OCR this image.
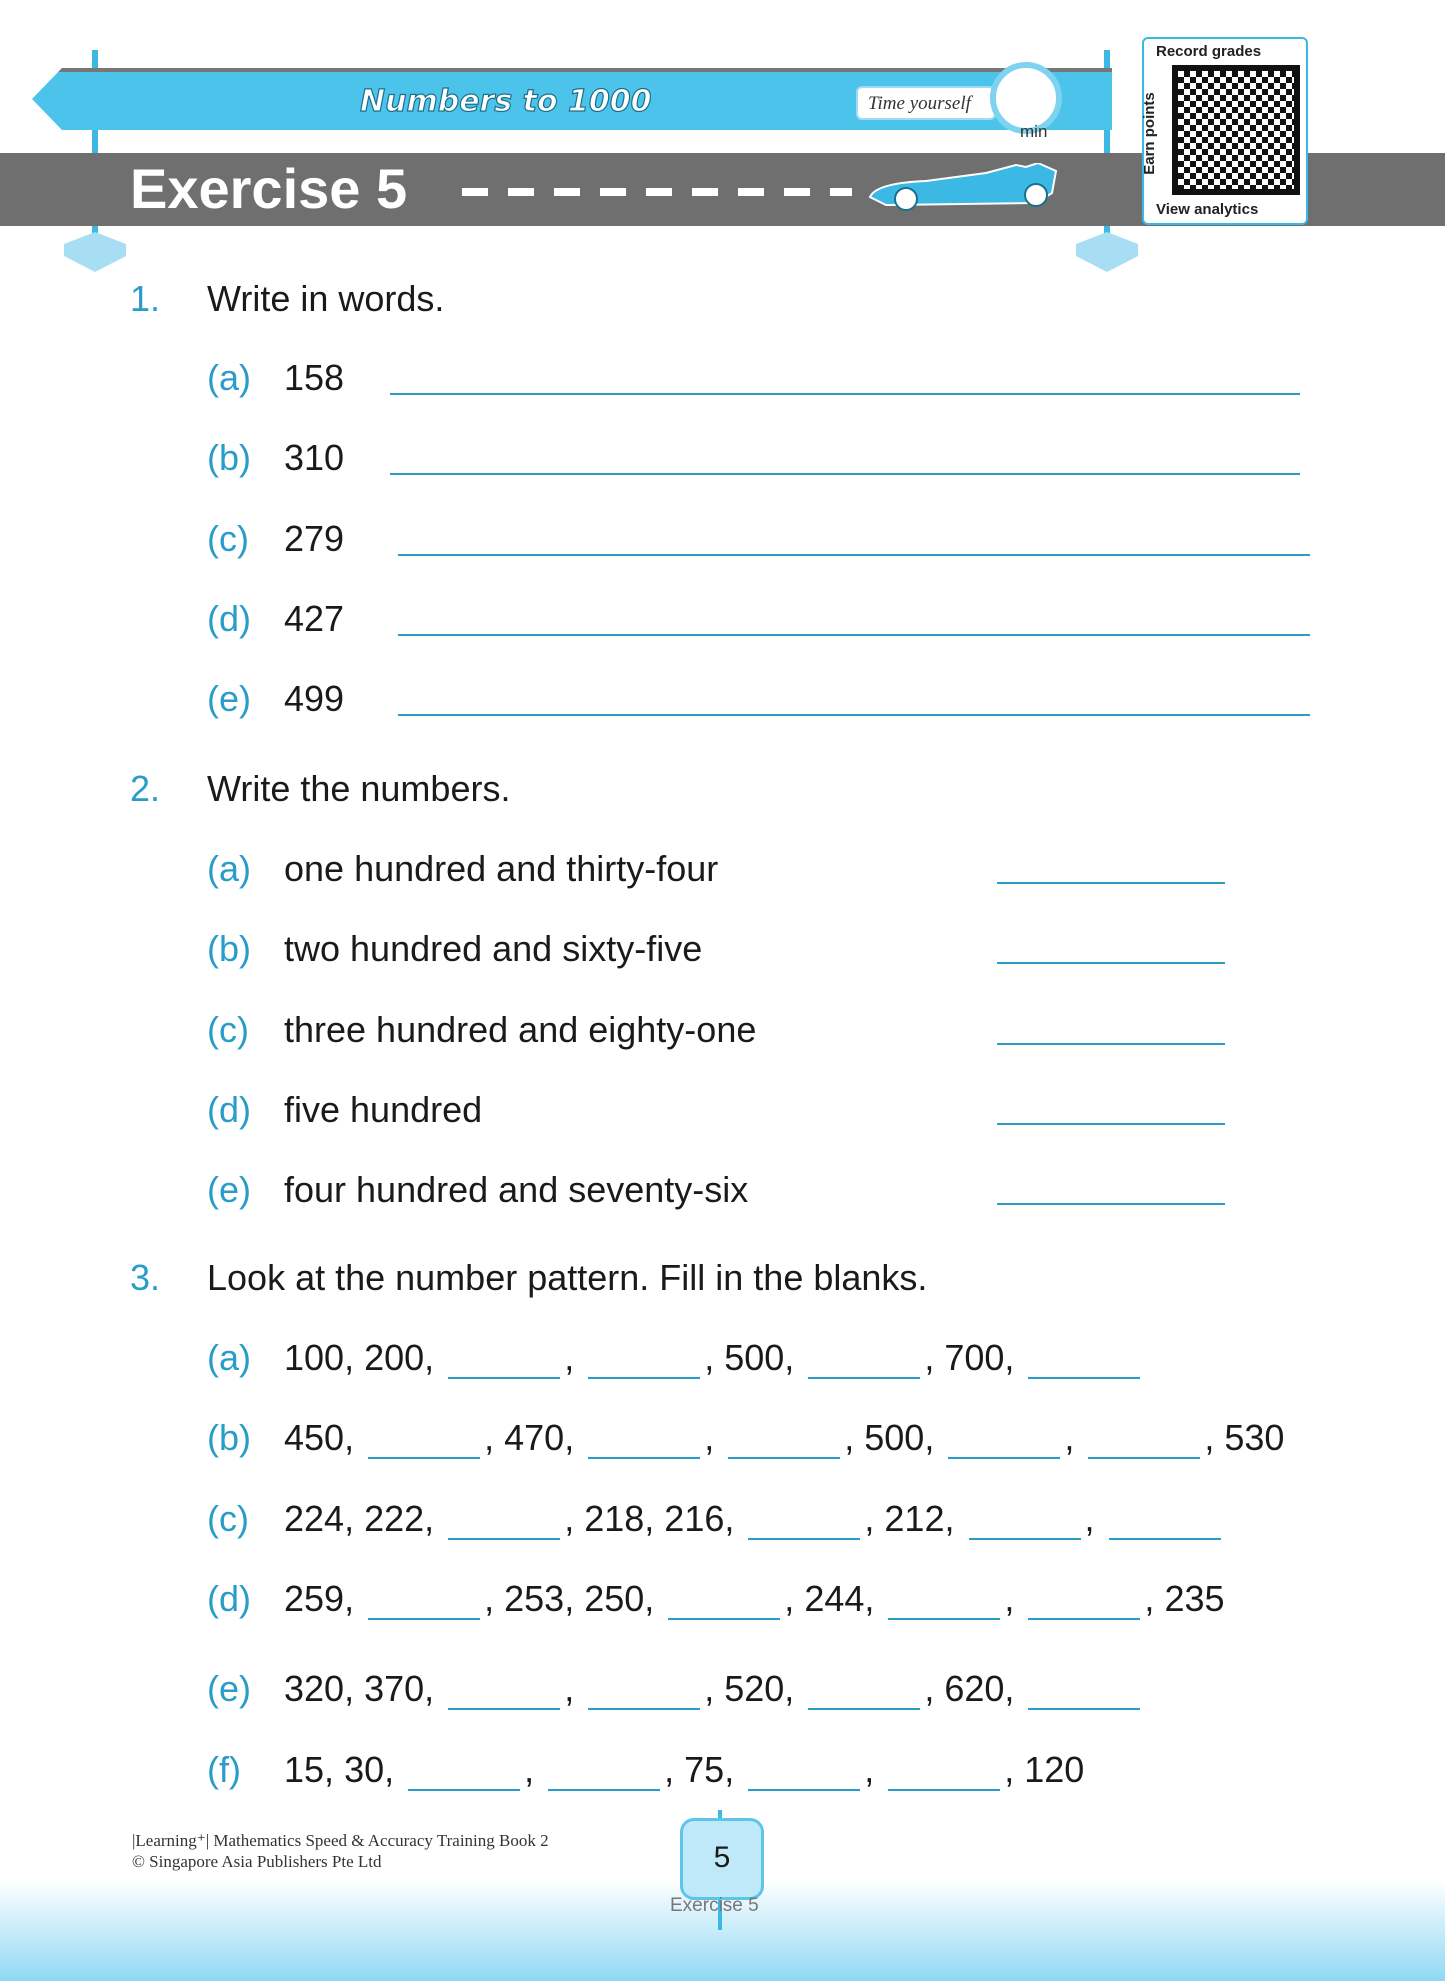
Numbers to 1000	Time yourself
min
Exercise 5
Record grades
Earn points
View analytics
1. Write in words.
(a) 158
(b) 310
(c) 279
(d) 427
(e) 499
2. Write the numbers.
(a) one hundred and thirty-four
(b) two hundred and sixty-five
(c) three hundred and eighty-one
(d) five hundred
(e) four hundred and seventy-six
3. Look at the number pattern. Fill in the blanks.
(a) 100 , 200 ,	,	, 500 ,	, 700 ,
(b) 450 ,	, 470 ,	,	, 500 ,	,	, 530
(c) 224 , 222 ,	, 218 , 216 ,	, 212 ,	,
(d) 259 ,	, 253 , 250 ,	, 244 ,	,	, 235
(e) 320 , 370 ,	,	, 520 ,	, 620 ,
(f) 15 , 30 ,	,	, 75 ,	,	, 120
|Learning⁺| Mathematics Speed & Accuracy Training Book 2
© Singapore Asia Publishers Pte Ltd	5
Exercise 5
